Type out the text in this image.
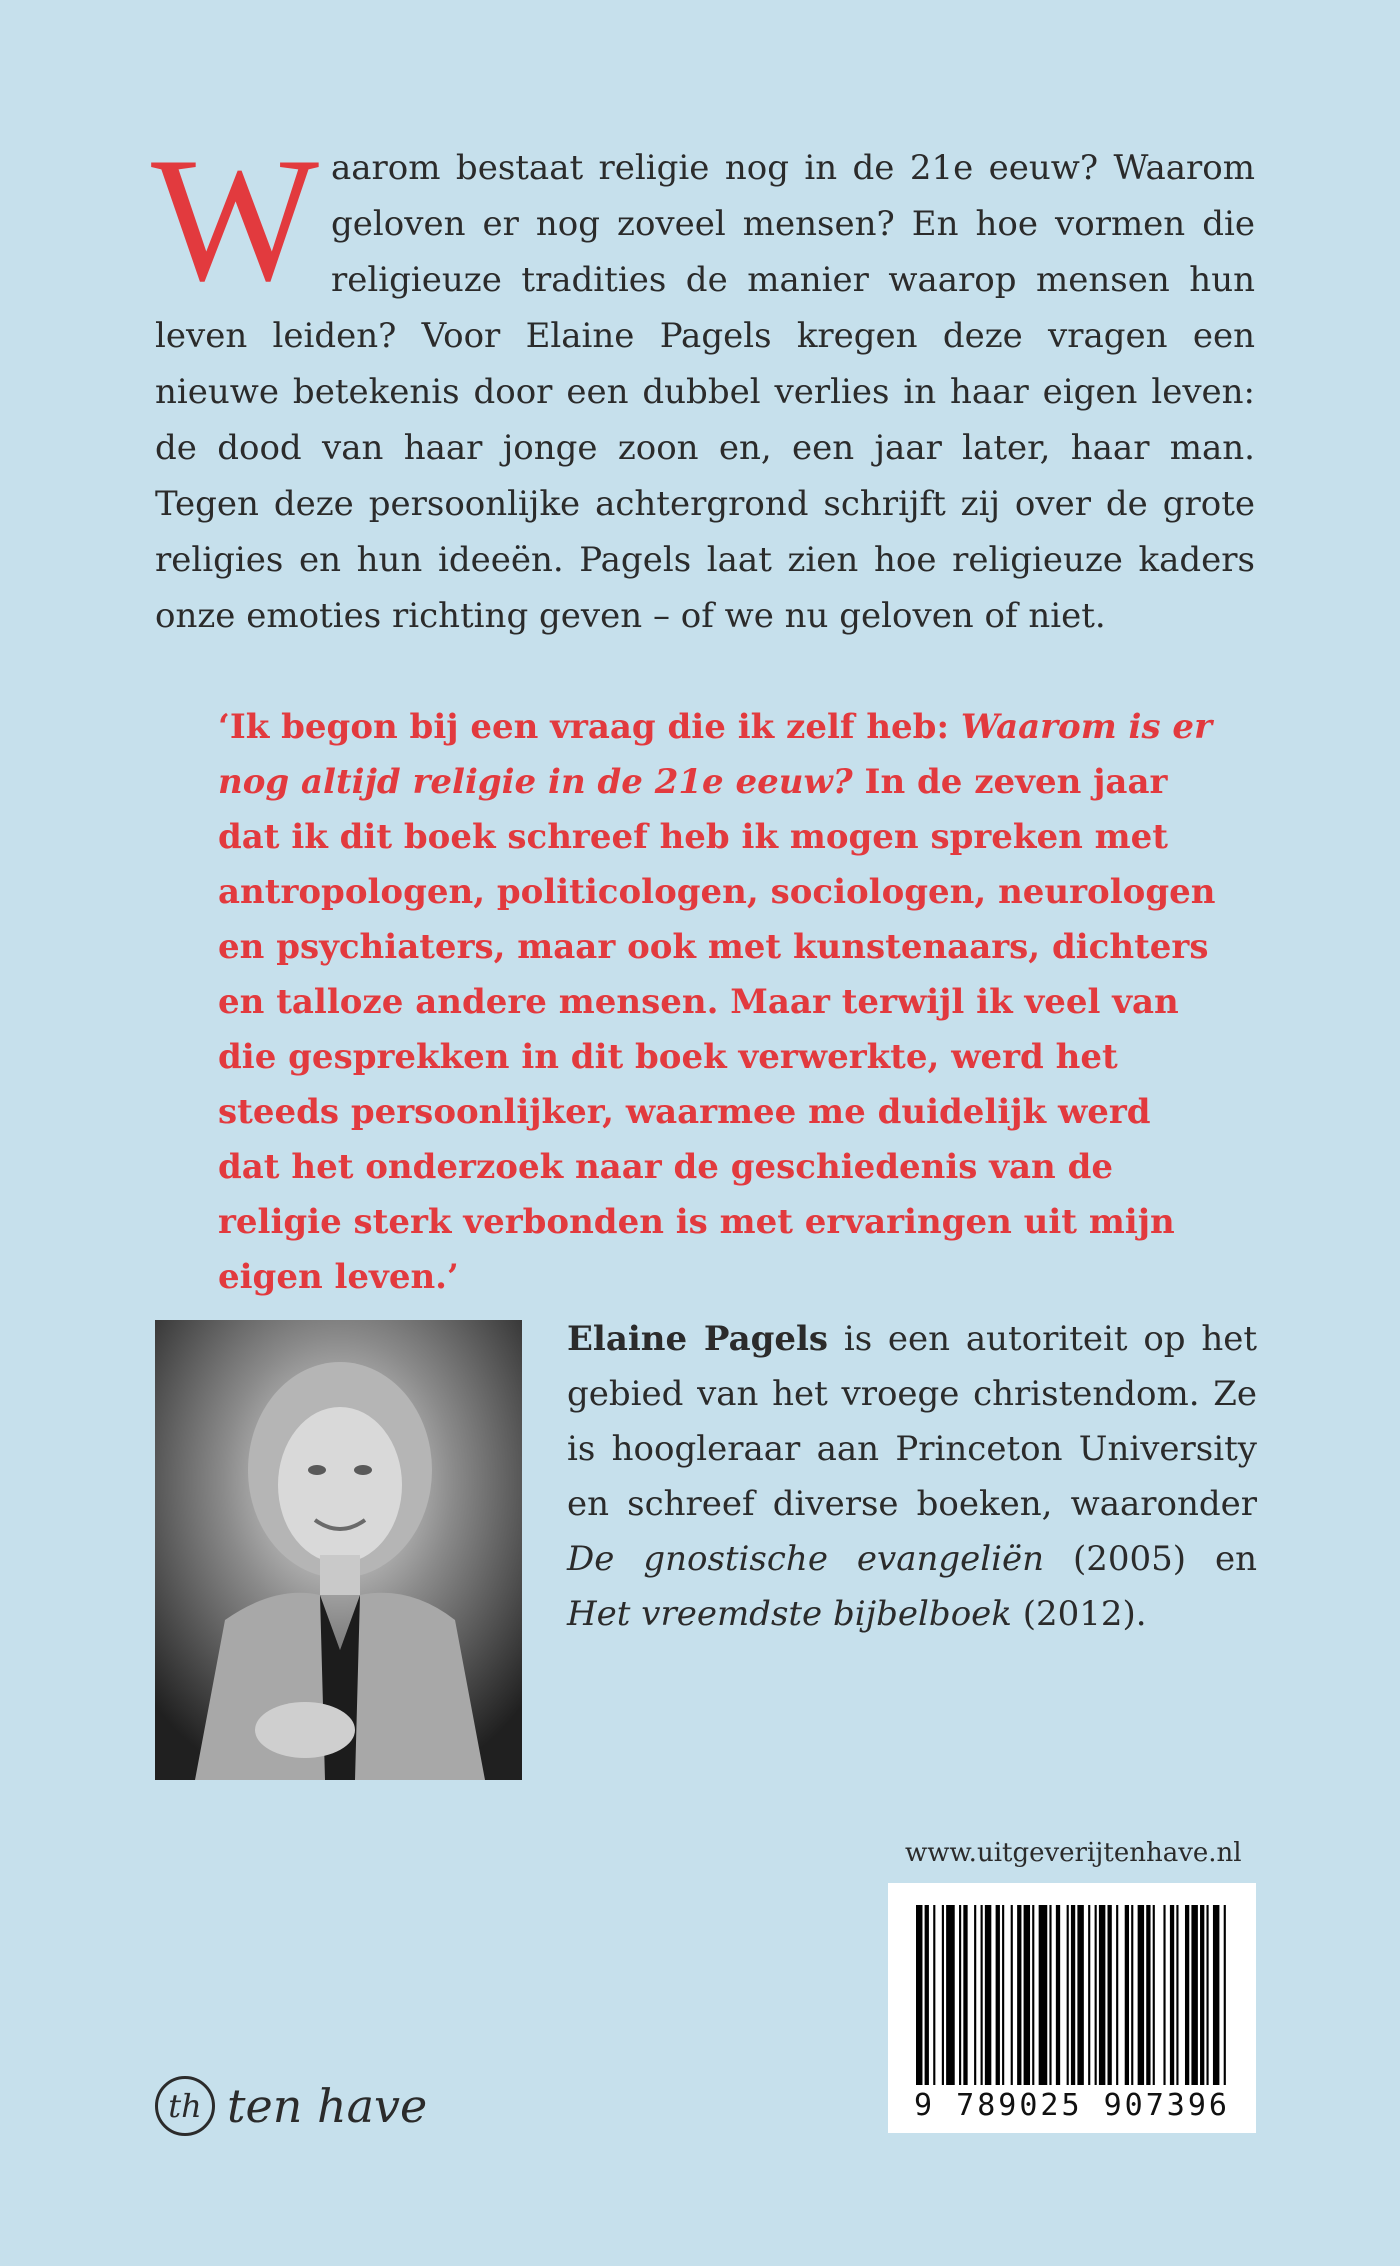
Waarom bestaat religie nog in de 21e eeuw? Waarom geloven er nog zoveel mensen? En hoe vormen die religieuze tradities de manier waarop mensen hun leven leiden? Voor Elaine Pagels kregen deze vragen een nieuwe betekenis door een dubbel verlies in haar eigen leven: de dood van haar jonge zoon en, een jaar later, haar man. Tegen deze persoonlijke achtergrond schrijft zij over de grote religies en hun ideeën. Pagels laat zien hoe religieuze kaders onze emoties richting geven – of we nu geloven of niet.

‘Ik begon bij een vraag die ik zelf heb: Waarom is er nog altijd religie in de 21e eeuw? In de zeven jaar dat ik dit boek schreef heb ik mogen spreken met antropologen, politicologen, sociologen, neurologen en psychiaters, maar ook met kunstenaars, dichters en talloze andere mensen. Maar terwijl ik veel van die gesprekken in dit boek verwerkte, werd het steeds persoonlijker, waarmee me duidelijk werd dat het onderzoek naar de geschiedenis van de religie sterk verbonden is met ervaringen uit mijn eigen leven.’

Elaine Pagels is een autoriteit op het gebied van het vroege christendom. Ze is hoogleraar aan Princeton University en schreef diverse boeken, waaronder De gnostische evangeliën (2005) en Het vreemdste bijbelboek (2012).

www.uitgeverijtenhave.nl
9 789025 907396
th ten have
